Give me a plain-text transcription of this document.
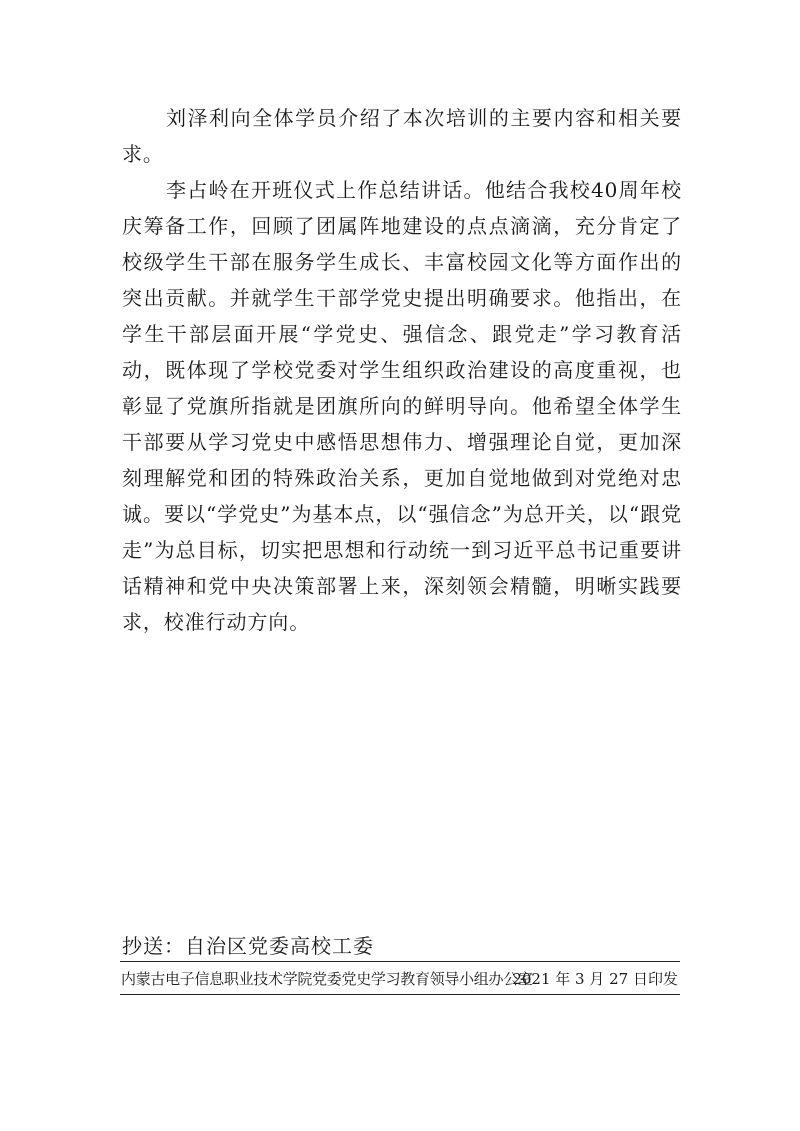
刘泽利向全体学员介绍了本次培训的主要内容和相关要求。

李占岭在开班仪式上作总结讲话。他结合我校40周年校庆筹备工作，回顾了团属阵地建设的点点滴滴，充分肯定了校级学生干部在服务学生成长、丰富校园文化等方面作出的突出贡献。并就学生干部学党史提出明确要求。他指出，在学生干部层面开展“学党史、强信念、跟党走”学习教育活动，既体现了学校党委对学生组织政治建设的高度重视，也彰显了党旗所指就是团旗所向的鲜明导向。他希望全体学生干部要从学习党史中感悟思想伟力、增强理论自觉，更加深刻理解党和团的特殊政治关系，更加自觉地做到对党绝对忠诚。要以“学党史”为基本点，以“强信念”为总开关，以“跟党走”为总目标，切实把思想和行动统一到习近平总书记重要讲话精神和党中央决策部署上来，深刻领会精髓，明晰实践要求，校准行动方向。

抄送：自治区党委高校工委
内蒙古电子信息职业技术学院党委党史学习教育领导小组办公室
2021 年 3 月 27 日印发
